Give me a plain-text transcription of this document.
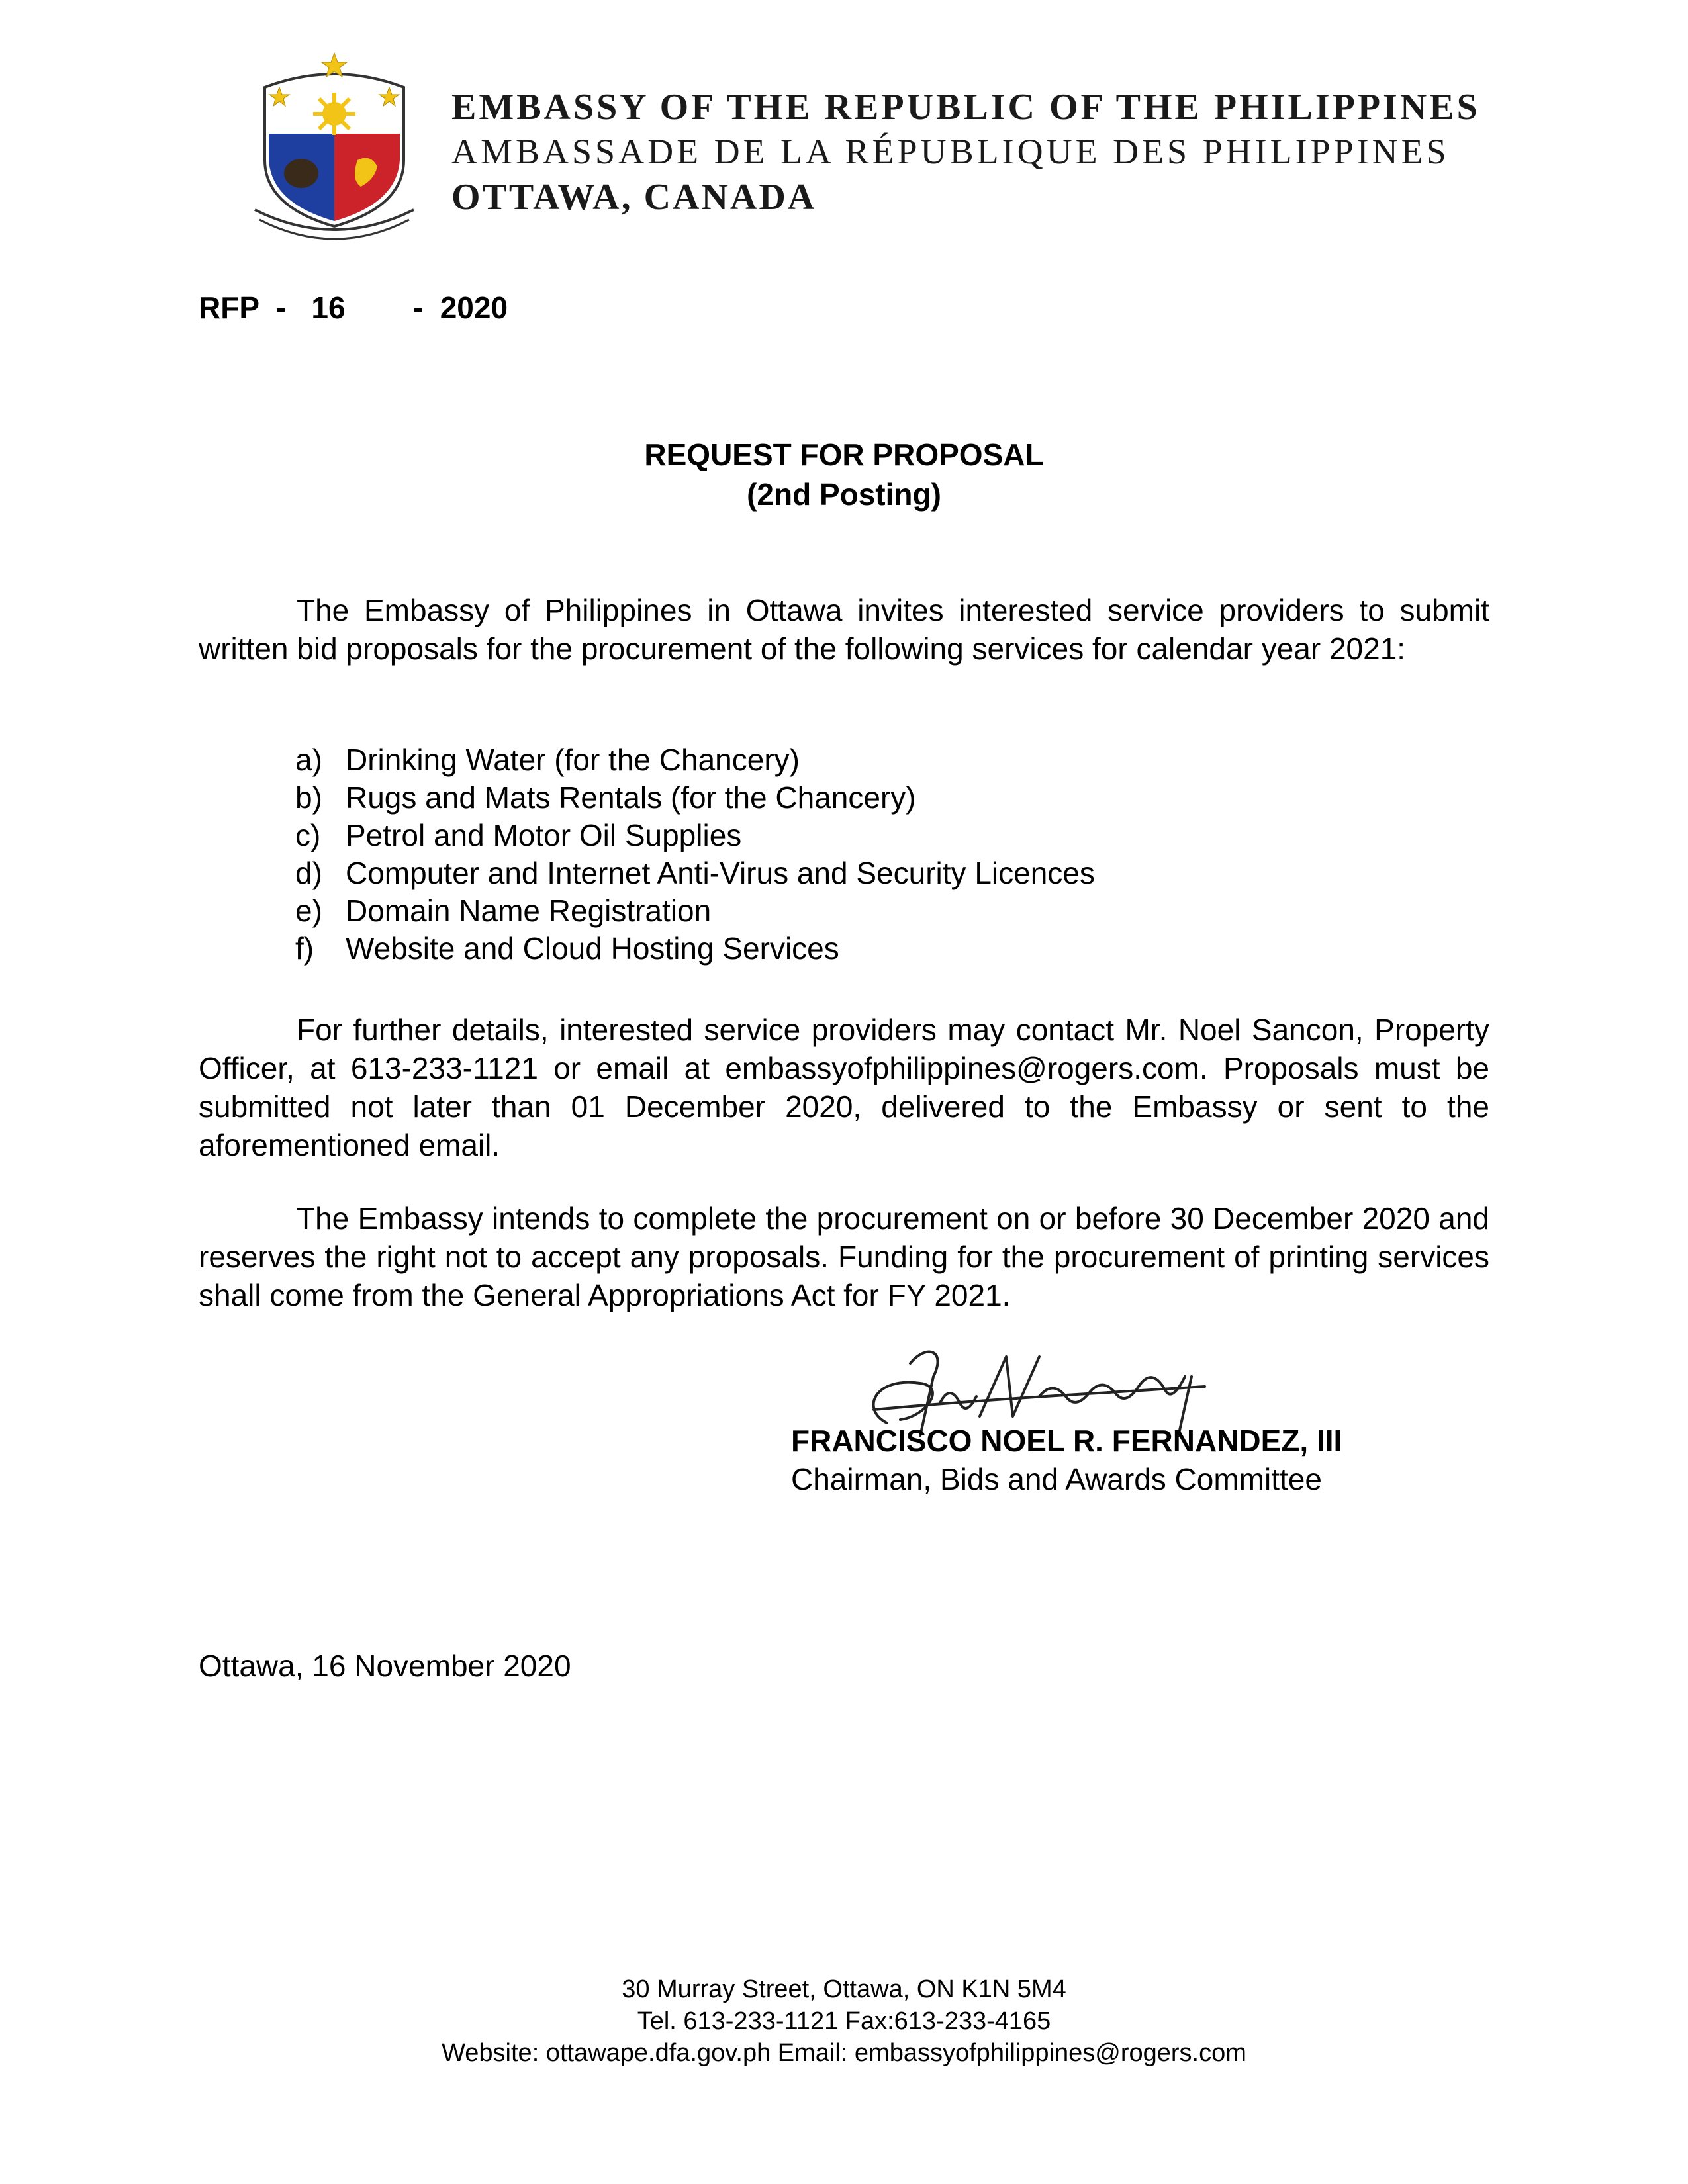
EMBASSY OF THE REPUBLIC OF THE PHILIPPINES
AMBASSADE DE LA RÉPUBLIQUE DES PHILIPPINES
OTTAWA, CANADA
RFP  -   16        -  2020
REQUEST FOR PROPOSAL
(2nd Posting)

The Embassy of Philippines in Ottawa invites interested service providers to submit written bid proposals for the procurement of the following services for calendar year 2021:

a) Drinking Water (for the Chancery)
b) Rugs and Mats Rentals (for the Chancery)
c) Petrol and Motor Oil Supplies
d) Computer and Internet Anti-Virus and Security Licences
e) Domain Name Registration
f) Website and Cloud Hosting Services

For further details, interested service providers may contact Mr. Noel Sancon, Property Officer, at 613-233-1121 or email at embassyofphilippines@rogers.com. Proposals must be submitted not later than 01 December 2020, delivered to the Embassy or sent to the aforementioned email.

The Embassy intends to complete the procurement on or before 30 December 2020 and reserves the right not to accept any proposals. Funding for the procurement of printing services shall come from the General Appropriations Act for FY 2021.

FRANCISCO NOEL R. FERNANDEZ, III
Chairman, Bids and Awards Committee
Ottawa, 16 November 2020
30 Murray Street, Ottawa, ON K1N 5M4
Tel. 613-233-1121 Fax:613-233-4165
Website: ottawape.dfa.gov.ph Email: embassyofphilippines@rogers.com
